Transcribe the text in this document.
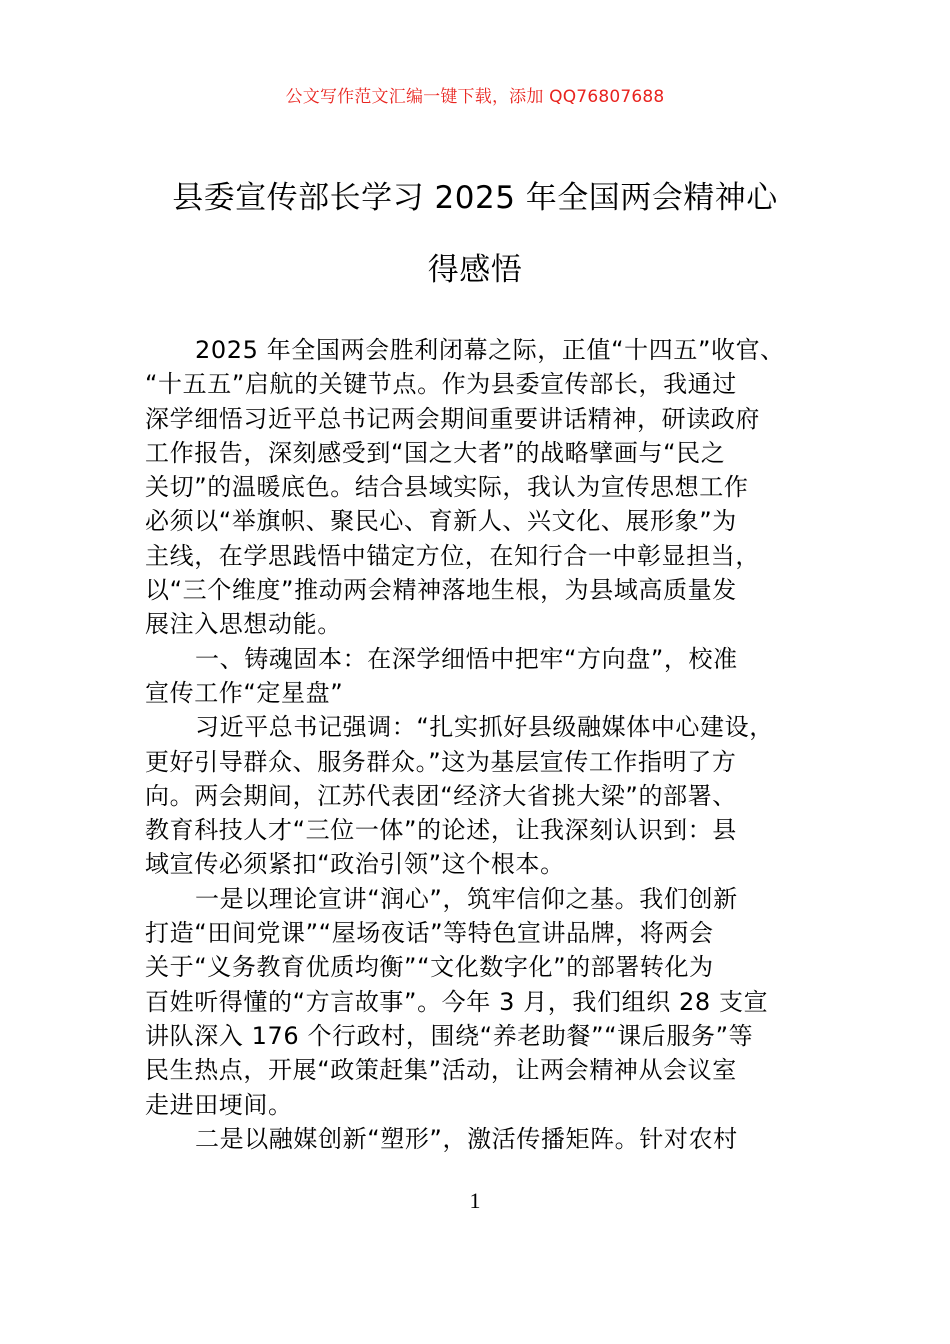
公文写作范文汇编一键下载，添加 QQ76807688
县委宣传部长学习 2025 年全国两会精神心
得感悟
2025 年全国两会胜利闭幕之际，正值“十四五”收官、
“十五五”启航的关键节点。作为县委宣传部长，我通过
深学细悟习近平总书记两会期间重要讲话精神，研读政府
工作报告，深刻感受到“国之大者”的战略擘画与“民之
关切”的温暖底色。结合县域实际，我认为宣传思想工作
必须以“举旗帜、聚民心、育新人、兴文化、展形象”为
主线，在学思践悟中锚定方位，在知行合一中彰显担当，
以“三个维度”推动两会精神落地生根，为县域高质量发
展注入思想动能。
一、铸魂固本：在深学细悟中把牢“方向盘”，校准
宣传工作“定星盘”
习近平总书记强调：“扎实抓好县级融媒体中心建设，
更好引导群众、服务群众。”这为基层宣传工作指明了方
向。两会期间，江苏代表团“经济大省挑大梁”的部署、
教育科技人才“三位一体”的论述，让我深刻认识到：县
域宣传必须紧扣“政治引领”这个根本。
一是以理论宣讲“润心”，筑牢信仰之基。我们创新
打造“田间党课”“屋场夜话”等特色宣讲品牌，将两会
关于“义务教育优质均衡”“文化数字化”的部署转化为
百姓听得懂的“方言故事”。今年 3 月，我们组织 28 支宣
讲队深入 176 个行政村，围绕“养老助餐”“课后服务”等
民生热点，开展“政策赶集”活动，让两会精神从会议室
走进田埂间。
二是以融媒创新“塑形”，激活传播矩阵。针对农村
1
